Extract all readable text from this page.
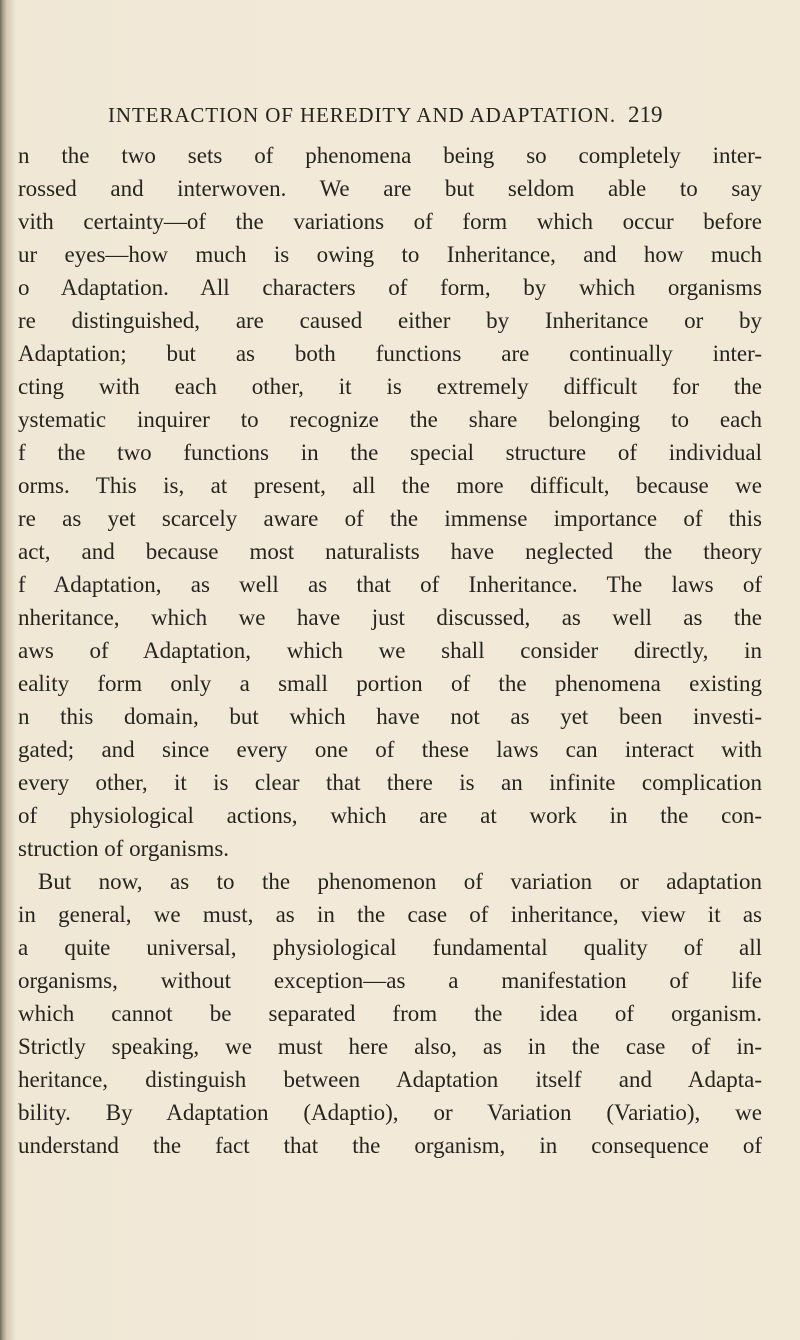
INTERACTION OF HEREDITY AND ADAPTATION. 219
n the two sets of phenomena being so completely inter-
rossed and interwoven. We are but seldom able to say
vith certainty—of the variations of form which occur before
ur eyes—how much is owing to Inheritance, and how much
o Adaptation. All characters of form, by which organisms
re distinguished, are caused either by Inheritance or by
Adaptation; but as both functions are continually inter-
cting with each other, it is extremely difficult for the
ystematic inquirer to recognize the share belonging to each
f the two functions in the special structure of individual
orms. This is, at present, all the more difficult, because we
re as yet scarcely aware of the immense importance of this
act, and because most naturalists have neglected the theory
f Adaptation, as well as that of Inheritance. The laws of
nheritance, which we have just discussed, as well as the
aws of Adaptation, which we shall consider directly, in
eality form only a small portion of the phenomena existing
n this domain, but which have not as yet been investi-
gated; and since every one of these laws can interact with
every other, it is clear that there is an infinite complication
of physiological actions, which are at work in the con-
struction of organisms.
But now, as to the phenomenon of variation or adaptation
in general, we must, as in the case of inheritance, view it as
a quite universal, physiological fundamental quality of all
organisms, without exception—as a manifestation of life
which cannot be separated from the idea of organism.
Strictly speaking, we must here also, as in the case of in-
heritance, distinguish between Adaptation itself and Adapta-
bility. By Adaptation (Adaptio), or Variation (Variatio), we
understand the fact that the organism, in consequence of
